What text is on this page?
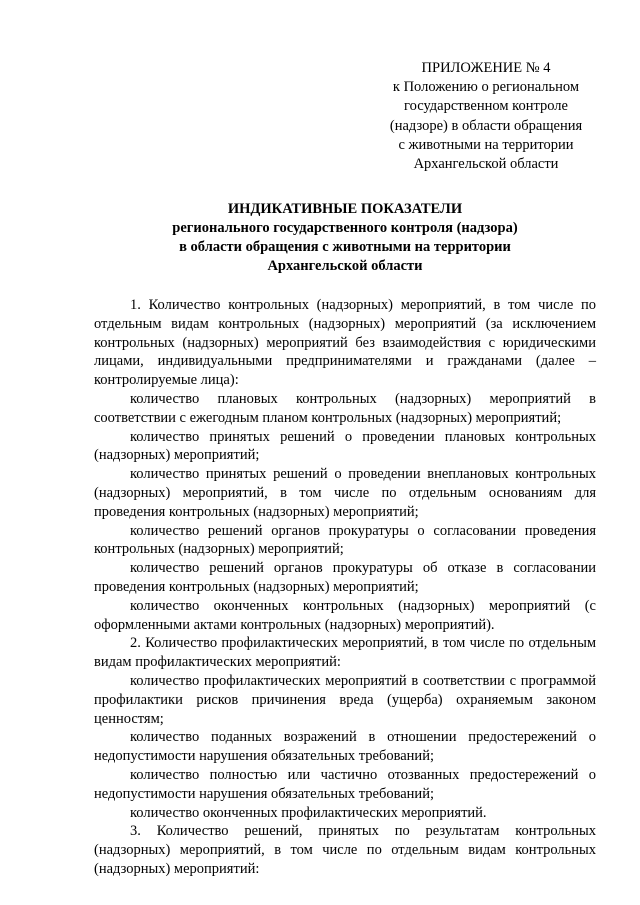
ПРИЛОЖЕНИЕ № 4
к Положению о региональном
государственном контроле
(надзоре) в области обращения
с животными на территории
Архангельской области
ИНДИКАТИВНЫЕ ПОКАЗАТЕЛИ
регионального государственного контроля (надзора)
в области обращения с животными на территории
Архангельской области

1. Количество контрольных (надзорных) мероприятий, в том числе по отдельным видам контрольных (надзорных) мероприятий (за исключением контрольных (надзорных) мероприятий без взаимодействия с юридическими лицами, индивидуальными предпринимателями и гражданами (далее – контролируемые лица):

количество плановых контрольных (надзорных) мероприятий в соответствии с ежегодным планом контрольных (надзорных) мероприятий;

количество принятых решений о проведении плановых контрольных (надзорных) мероприятий;

количество принятых решений о проведении внеплановых контрольных (надзорных) мероприятий, в том числе по отдельным основаниям для проведения контрольных (надзорных) мероприятий;

количество решений органов прокуратуры о согласовании проведения контрольных (надзорных) мероприятий;

количество решений органов прокуратуры об отказе в согласовании проведения контрольных (надзорных) мероприятий;

количество оконченных контрольных (надзорных) мероприятий (с оформленными актами контрольных (надзорных) мероприятий).

2. Количество профилактических мероприятий, в том числе по отдельным видам профилактических мероприятий:

количество профилактических мероприятий в соответствии с программой профилактики рисков причинения вреда (ущерба) охраняемым законом ценностям;

количество поданных возражений в отношении предостережений о недопустимости нарушения обязательных требований;

количество полностью или частично отозванных предостережений о недопустимости нарушения обязательных требований;

количество оконченных профилактических мероприятий.

3. Количество решений, принятых по результатам контрольных (надзорных) мероприятий, в том числе по отдельным видам контрольных (надзорных) мероприятий:
